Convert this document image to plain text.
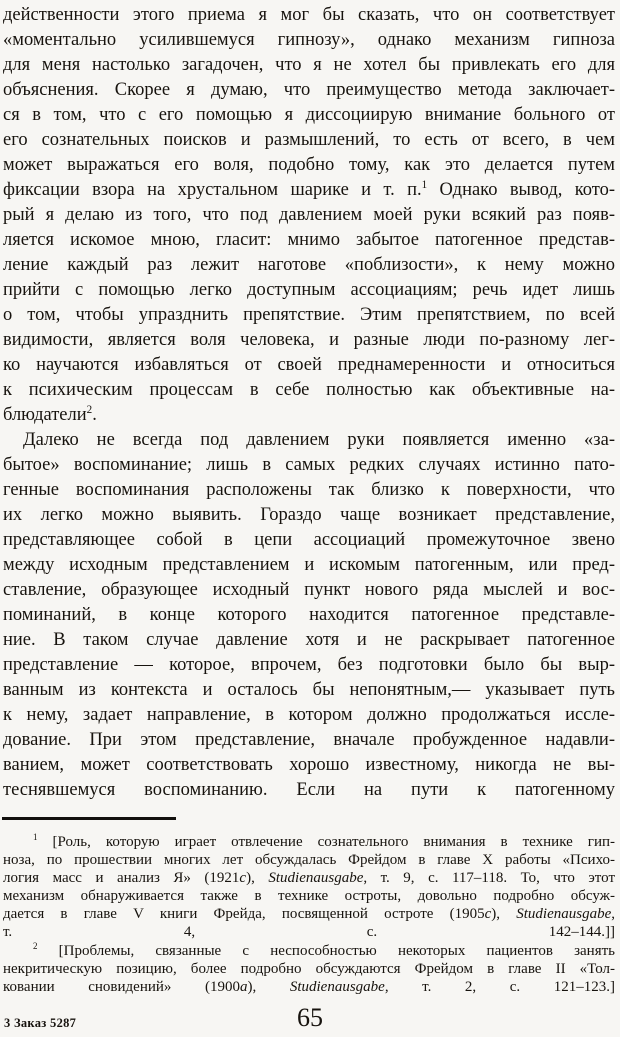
действенности этого приема я мог бы сказать, что он соответствует
«моментально усилившемуся гипнозу», однако механизм гипноза
для меня настолько загадочен, что я не хотел бы привлекать его для
объяснения. Скорее я думаю, что преимущество метода заключает-
ся в том, что с его помощью я диссоциирую внимание больного от
его сознательных поисков и размышлений, то есть от всего, в чем
может выражаться его воля, подобно тому, как это делается путем
фиксации взора на хрустальном шарике и т. п.$^1$ Однако вывод, кото-
рый я делаю из того, что под давлением моей руки всякий раз появ-
ляется искомое мною, гласит: мнимо забытое патогенное представ-
ление каждый раз лежит наготове «поблизости», к нему можно
прийти с помощью легко доступным ассоциациям; речь идет лишь
о том, чтобы упразднить препятствие. Этим препятствием, по всей
видимости, является воля человека, и разные люди по-разному лег-
ко научаются избавляться от своей преднамеренности и относиться
к психическим процессам в себе полностью как объективные на-
блюдатели$^2$.
Далеко не всегда под давлением руки появляется именно «за-
бытое» воспоминание; лишь в самых редких случаях истинно пато-
генные воспоминания расположены так близко к поверхности, что
их легко можно выявить. Гораздо чаще возникает представление,
представляющее собой в цепи ассоциаций промежуточное звено
между исходным представлением и искомым патогенным, или пред-
ставление, образующее исходный пункт нового ряда мыслей и вос-
поминаний, в конце которого находится патогенное представле-
ние. В таком случае давление хотя и не раскрывает патогенное
представление — которое, впрочем, без подготовки было бы выр-
ванным из контекста и осталось бы непонятным,— указывает путь
к нему, задает направление, в котором должно продолжаться иссле-
дование. При этом представление, вначале пробужденное надавли-
ванием, может соответствовать хорошо известному, никогда не вы-
теснявшемуся воспоминанию. Если на пути к патогенному
$^1$ [Роль, которую играет отвлечение сознательного внимания в технике гип-
ноза, по прошествии многих лет обсуждалась Фрейдом в главе X работы «Психо-
логия масс и анализ Я» (1921c), Studienausgabe, т. 9, с. 117–118. То, что этот
механизм обнаруживается также в технике остроты, довольно подробно обсуж-
дается в главе V книги Фрейда, посвященной остроте (1905c), Studienausgabe,
т. 4, с. 142–144.]]
$^2$ [Проблемы, связанные с неспособностью некоторых пациентов занять
некритическую позицию, более подробно обсуждаются Фрейдом в главе II «Тол-
ковании сновидений» (1900a), Studienausgabe, т. 2, с. 121–123.]
3 Заказ 5287	65
